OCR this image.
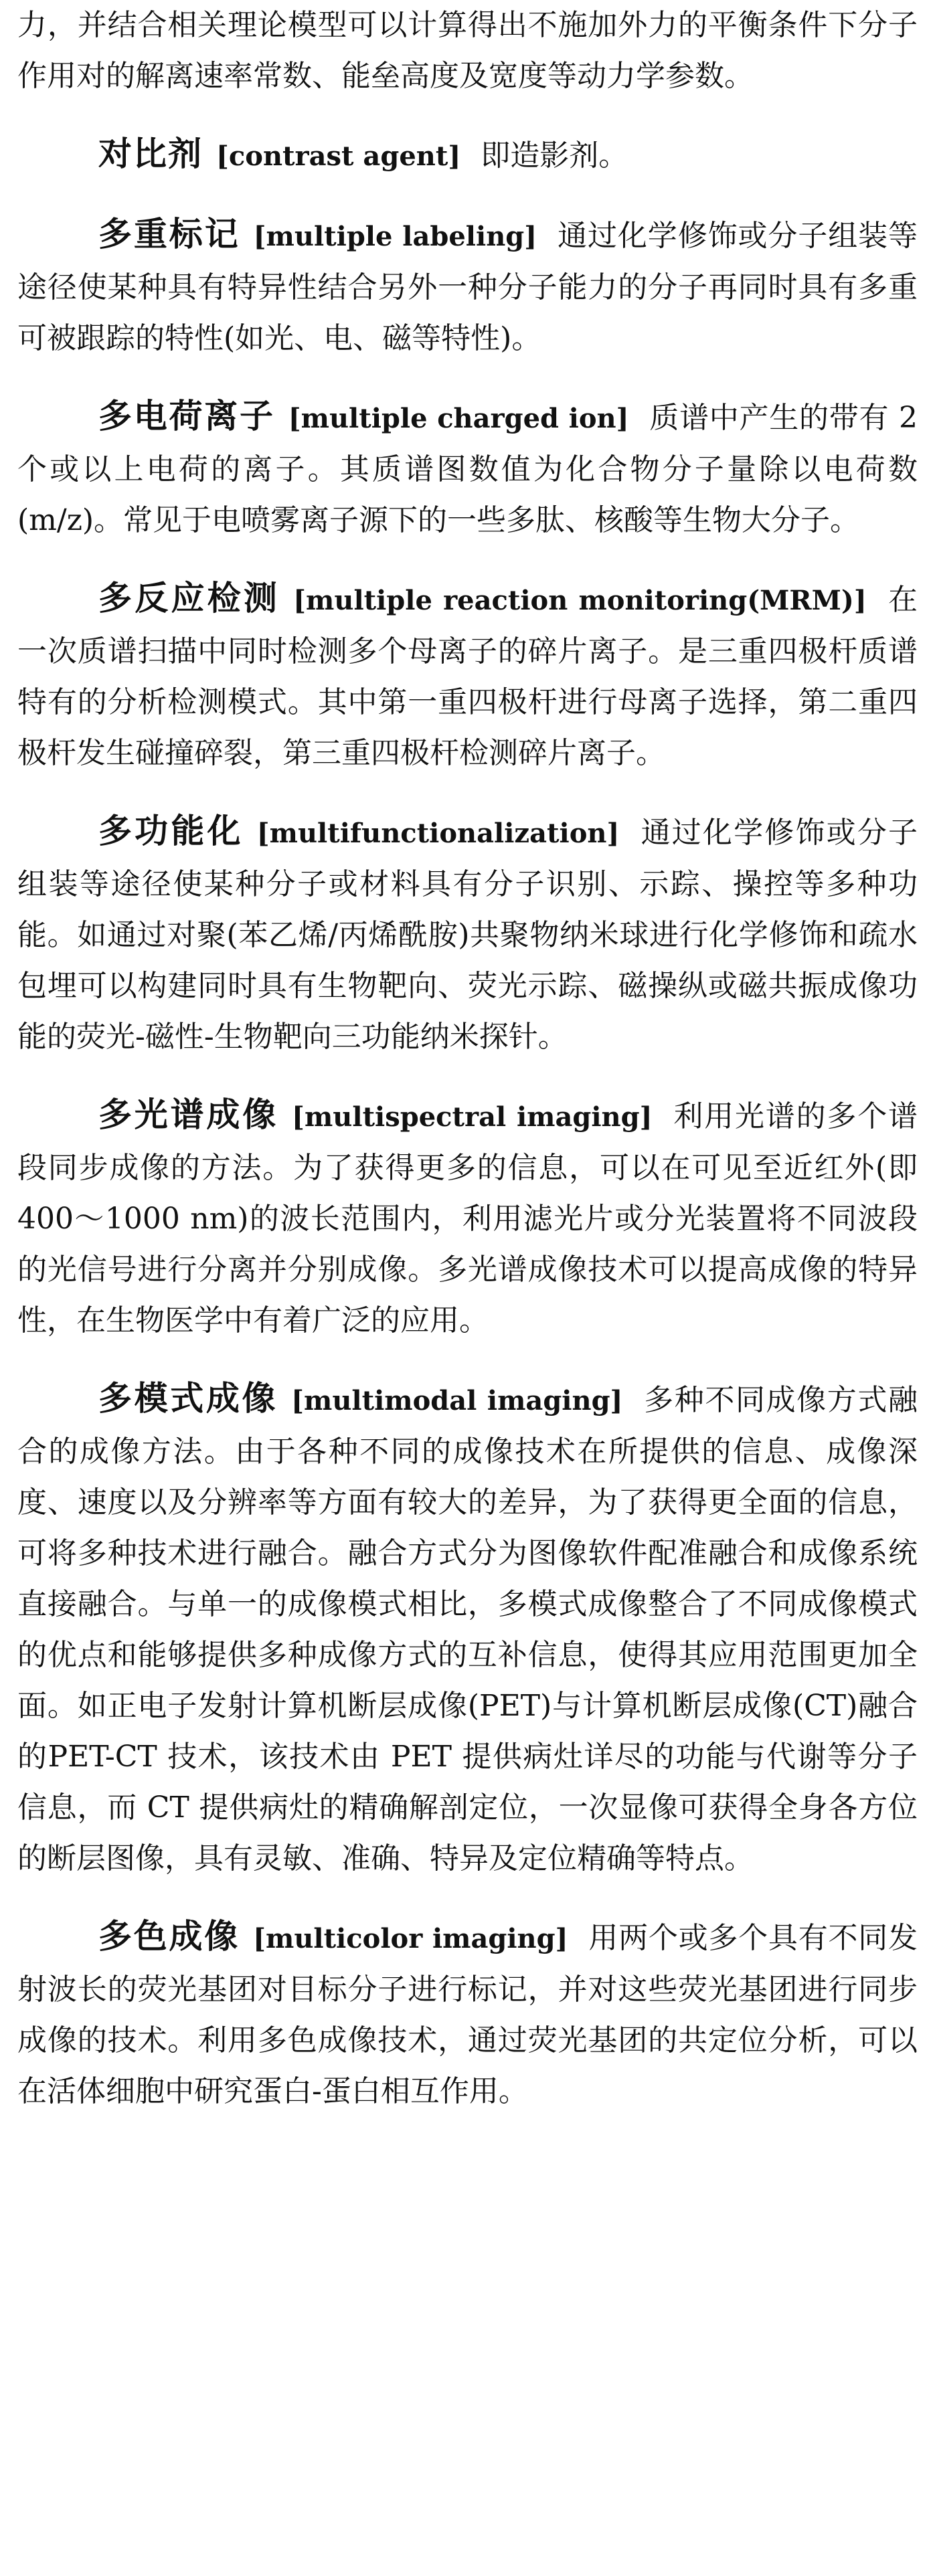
力，并结合相关理论模型可以计算得出不施加外力的平衡条件下分子作用对的解离速率常数、能垒高度及宽度等动力学参数。

对比剂 [contrast agent] 即造影剂。

多重标记 [multiple labeling] 通过化学修饰或分子组装等途径使某种具有特异性结合另外一种分子能力的分子再同时具有多重可被跟踪的特性(如光、电、磁等特性)。

多电荷离子 [multiple charged ion] 质谱中产生的带有 2 个或以上电荷的离子。其质谱图数值为化合物分子量除以电荷数(m/z)。常见于电喷雾离子源下的一些多肽、核酸等生物大分子。

多反应检测 [multiple reaction monitoring(MRM)] 在一次质谱扫描中同时检测多个母离子的碎片离子。是三重四极杆质谱特有的分析检测模式。其中第一重四极杆进行母离子选择，第二重四极杆发生碰撞碎裂，第三重四极杆检测碎片离子。

多功能化 [multifunctionalization] 通过化学修饰或分子组装等途径使某种分子或材料具有分子识别、示踪、操控等多种功能。如通过对聚(苯乙烯/丙烯酰胺)共聚物纳米球进行化学修饰和疏水包埋可以构建同时具有生物靶向、荧光示踪、磁操纵或磁共振成像功能的荧光-磁性-生物靶向三功能纳米探针。

多光谱成像 [multispectral imaging] 利用光谱的多个谱段同步成像的方法。为了获得更多的信息，可以在可见至近红外(即 400～1000 nm)的波长范围内，利用滤光片或分光装置将不同波段的光信号进行分离并分别成像。多光谱成像技术可以提高成像的特异性，在生物医学中有着广泛的应用。

多模式成像 [multimodal imaging] 多种不同成像方式融合的成像方法。由于各种不同的成像技术在所提供的信息、成像深度、速度以及分辨率等方面有较大的差异，为了获得更全面的信息，可将多种技术进行融合。融合方式分为图像软件配准融合和成像系统直接融合。与单一的成像模式相比，多模式成像整合了不同成像模式的优点和能够提供多种成像方式的互补信息，使得其应用范围更加全面。如正电子发射计算机断层成像(PET)与计算机断层成像(CT)融合的PET-CT 技术，该技术由 PET 提供病灶详尽的功能与代谢等分子信息，而 CT 提供病灶的精确解剖定位，一次显像可获得全身各方位的断层图像，具有灵敏、准确、特异及定位精确等特点。

多色成像 [multicolor imaging] 用两个或多个具有不同发射波长的荧光基团对目标分子进行标记，并对这些荧光基团进行同步成像的技术。利用多色成像技术，通过荧光基团的共定位分析，可以在活体细胞中研究蛋白-蛋白相互作用。
